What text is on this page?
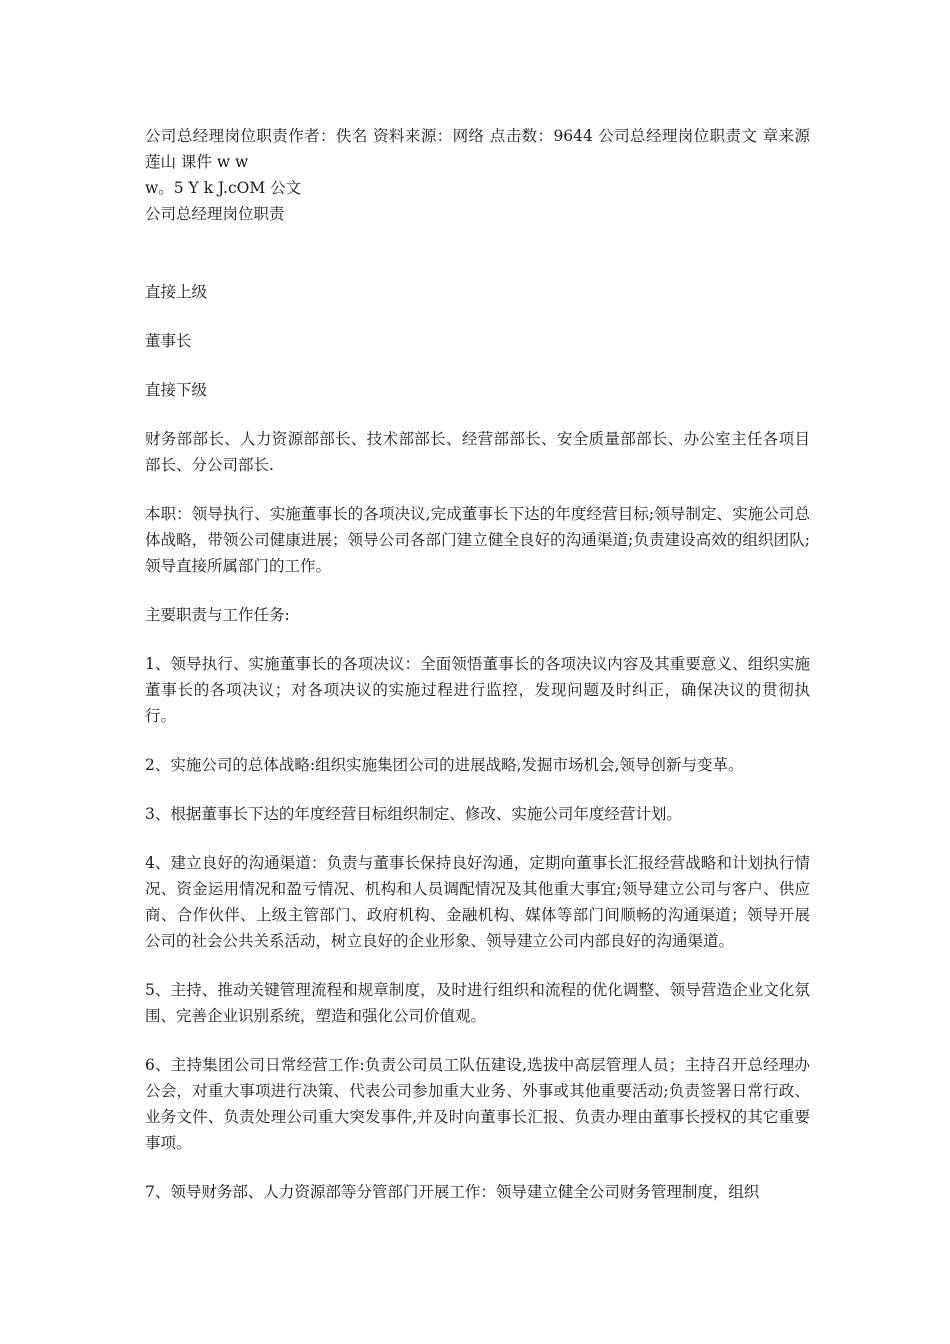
公司总经理岗位职责作者：佚名 资料来源：网络 点击数：9644 公司总经理岗位职责文 章来源 莲山 课件 w w

w。5 Y k J.cOM 公文

公司总经理岗位职责

直接上级

董事长

直接下级

财务部部长、人力资源部部长、技术部部长、经营部部长、安全质量部部长、办公室主任各项目部长、分公司部长.

本职：领导执行、实施董事长的各项决议,完成董事长下达的年度经营目标;领导制定、实施公司总体战略，带领公司健康进展；领导公司各部门建立健全良好的沟通渠道;负责建设高效的组织团队;领导直接所属部门的工作。

主要职责与工作任务:

1、领导执行、实施董事长的各项决议：全面领悟董事长的各项决议内容及其重要意义、组织实施董事长的各项决议；对各项决议的实施过程进行监控，发现问题及时纠正，确保决议的贯彻执行。

2、实施公司的总体战略:组织实施集团公司的进展战略,发掘市场机会,领导创新与变革。

3、根据董事长下达的年度经营目标组织制定、修改、实施公司年度经营计划。

4、建立良好的沟通渠道：负责与董事长保持良好沟通，定期向董事长汇报经营战略和计划执行情况、资金运用情况和盈亏情况、机构和人员调配情况及其他重大事宜;领导建立公司与客户、供应商、合作伙伴、上级主管部门、政府机构、金融机构、媒体等部门间顺畅的沟通渠道；领导开展公司的社会公共关系活动，树立良好的企业形象、领导建立公司内部良好的沟通渠道。

5、主持、推动关键管理流程和规章制度，及时进行组织和流程的优化调整、领导营造企业文化氛围、完善企业识别系统，塑造和强化公司价值观。

6、主持集团公司日常经营工作:负责公司员工队伍建设,选拔中高层管理人员；主持召开总经理办公会，对重大事项进行决策、代表公司参加重大业务、外事或其他重要活动;负责签署日常行政、业务文件、负责处理公司重大突发事件,并及时向董事长汇报、负责办理由董事长授权的其它重要事项。

7、领导财务部、人力资源部等分管部门开展工作：领导建立健全公司财务管理制度，组织
